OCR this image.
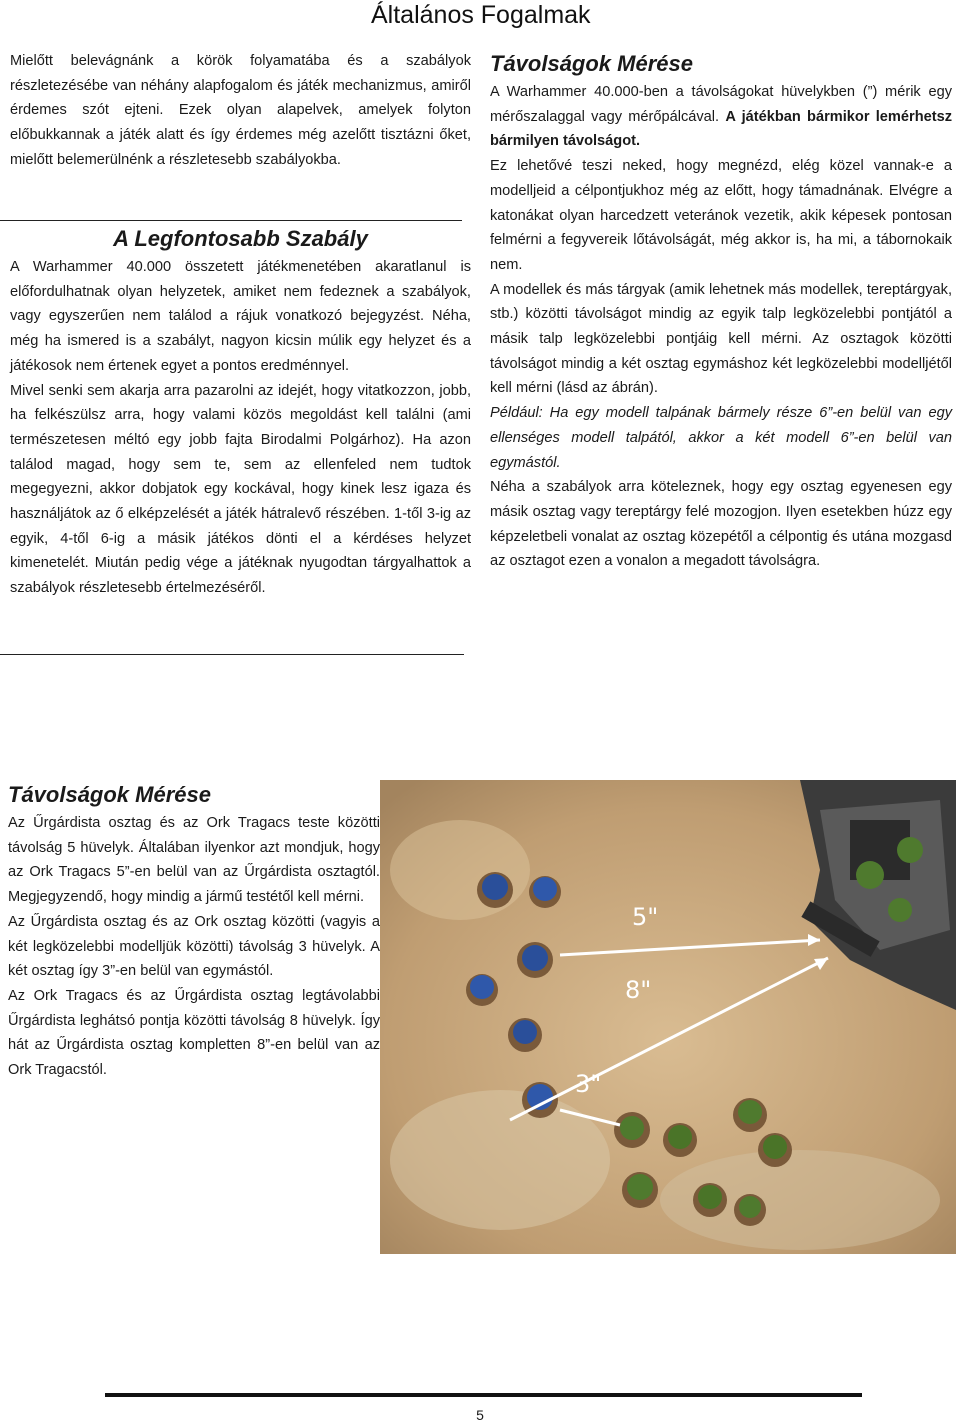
Általános Fogalmak

Mielőtt belevágnánk a körök folyamatába és a szabályok részletezésébe van néhány alapfogalom és játék mechanizmus, amiről érdemes szót ejteni. Ezek olyan alapelvek, amelyek folyton előbukkannak a játék alatt és így érdemes még azelőtt tisztázni őket, mielőtt belemerülnénk a részletesebb szabályokba.

A Legfontosabb Szabály

A Warhammer 40.000 összetett játékmenetében akaratlanul is előfordulhatnak olyan helyzetek, amiket nem fedeznek a szabályok, vagy egyszerűen nem találod a rájuk vonatkozó bejegyzést. Néha, még ha ismered is a szabályt, nagyon kicsin múlik egy helyzet és a játékosok nem értenek egyet a pontos eredménnyel.

Mivel senki sem akarja arra pazarolni az idejét, hogy vitatkozzon, jobb, ha felkészülsz arra, hogy valami közös megoldást kell találni (ami természetesen méltó egy jobb fajta Birodalmi Polgárhoz). Ha azon találod magad, hogy sem te, sem az ellenfeled nem tudtok megegyezni, akkor dobjatok egy kockával, hogy kinek lesz igaza és használjátok az ő elképzelését a játék hátralevő részében. 1-től 3-ig az egyik, 4-től 6-ig a másik játékos dönti el a kérdéses helyzet kimenetelét. Miután pedig vége a játéknak nyugodtan tárgyalhattok a szabályok részletesebb értelmezéséről.

Távolságok Mérése

A Warhammer 40.000-ben a távolságokat hüvelykben (”) mérik egy mérőszalaggal vagy mérőpálcával. A játékban bármikor lemérhetsz bármilyen távolságot.

Ez lehetővé teszi neked, hogy megnézd, elég közel vannak-e a modelljeid a célpontjukhoz még az előtt, hogy támadnának. Elvégre a katonákat olyan harcedzett veteránok vezetik, akik képesek pontosan felmérni a fegyvereik lőtávolságát, még akkor is, ha mi, a tábornokaik nem.

A modellek és más tárgyak (amik lehetnek más modellek, tereptárgyak, stb.) közötti távolságot mindig az egyik talp legközelebbi pontjától a másik talp legközelebbi pontjáig kell mérni. Az osztagok közötti távolságot mindig a két osztag egymáshoz két legközelebbi modelljétől kell mérni (lásd az ábrán).

Például: Ha egy modell talpának bármely része 6”-en belül van egy ellenséges modell talpától, akkor a két modell 6”-en belül van egymástól.

Néha a szabályok arra köteleznek, hogy egy osztag egyenesen egy másik osztag vagy tereptárgy felé mozogjon. Ilyen esetekben húzz egy képzeletbeli vonalat az osztag közepétől a célpontig és utána mozgasd az osztagot ezen a vonalon a megadott távolságra.

Távolságok Mérése

Az Űrgárdista osztag és az Ork Tragacs teste közötti távolság 5 hüvelyk. Általában ilyenkor azt mondjuk, hogy az Ork Tragacs 5”-en belül van az Űrgárdista osztagtól. Megjegyzendő, hogy mindig a jármű testétől kell mérni.

Az Űrgárdista osztag és az Ork osztag közötti (vagyis a két legközelebbi modelljük közötti) távolság 3 hüvelyk. A két osztag így 3”-en belül van egymástól.

Az Ork Tragacs és az Űrgárdista osztag legtávolabbi Űrgárdista leghátsó pontja közötti távolság 8 hüvelyk. Így hát az Űrgárdista osztag kompletten 8”-en belül van az Ork Tragacstól.

5"
8"
3"
5
